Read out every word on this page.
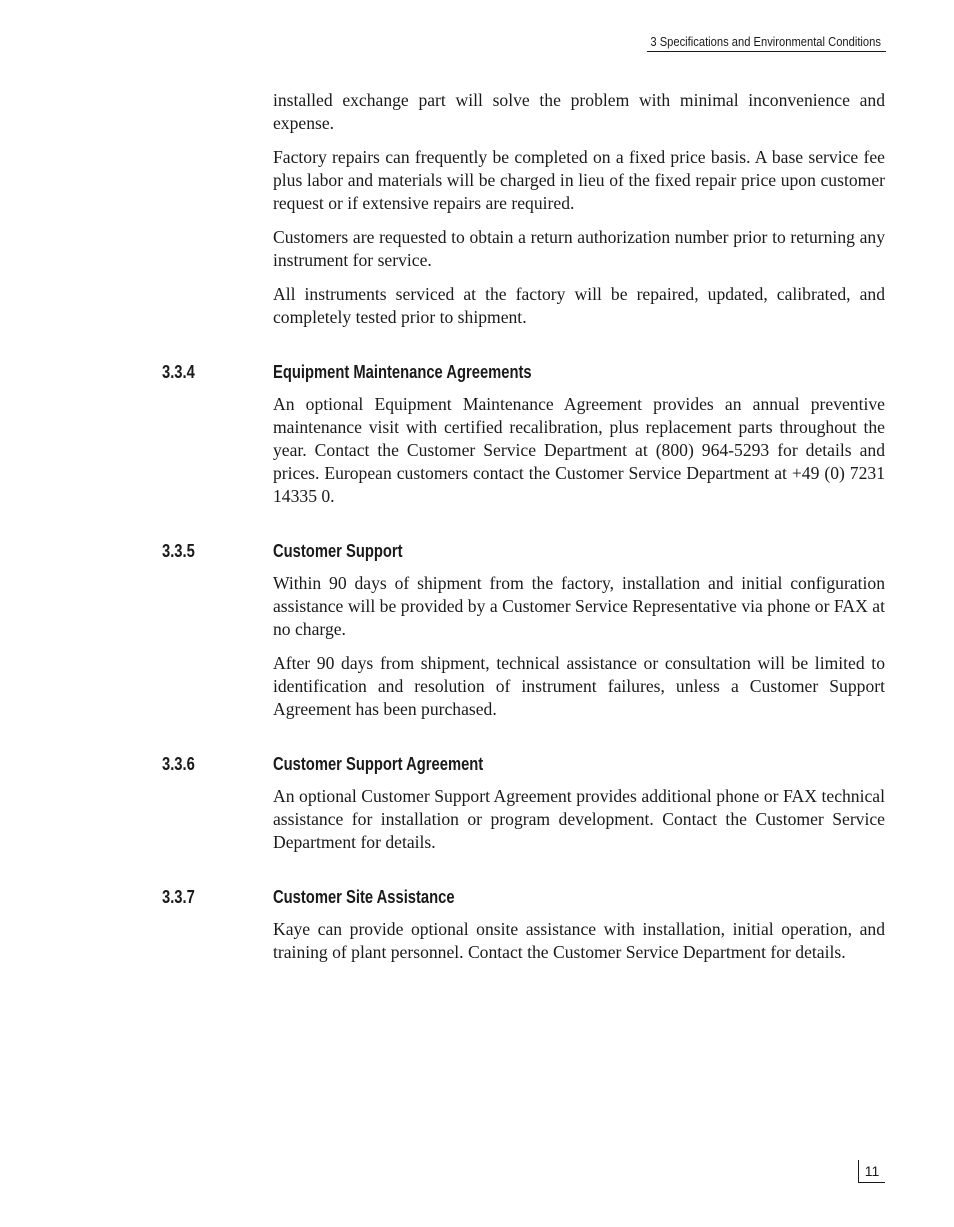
3 Specifications and Environmental Conditions

installed exchange part will solve the problem with minimal inconvenience and expense.

Factory repairs can frequently be completed on a fixed price basis. A base service fee plus labor and materials will be charged in lieu of the fixed repair price upon customer request or if extensive repairs are required.

Customers are requested to obtain a return authorization number prior to returning any instrument for service.

All instruments serviced at the factory will be repaired, updated, calibrated, and completely tested prior to shipment.

3.3.4	Equipment Maintenance Agreements

An optional Equipment Maintenance Agreement provides an annual preventive maintenance visit with certified recalibration, plus replacement parts throughout the year. Contact the Customer Service Department at (800) 964-5293 for details and prices. European customers contact the Customer Service Department at +49 (0) 7231 14335 0.

3.3.5	Customer Support

Within 90 days of shipment from the factory, installation and initial configuration assistance will be provided by a Customer Service Representative via phone or FAX at no charge.

After 90 days from shipment, technical assistance or consultation will be limited to identification and resolution of instrument failures, unless a Customer Support Agreement has been purchased.

3.3.6	Customer Support Agreement

An optional Customer Support Agreement provides additional phone or FAX technical assistance for installation or program development. Contact the Customer Service Department for details.

3.3.7	Customer Site Assistance

Kaye can provide optional onsite assistance with installation, initial operation, and training of plant personnel. Contact the Customer Service Department for details.

11
